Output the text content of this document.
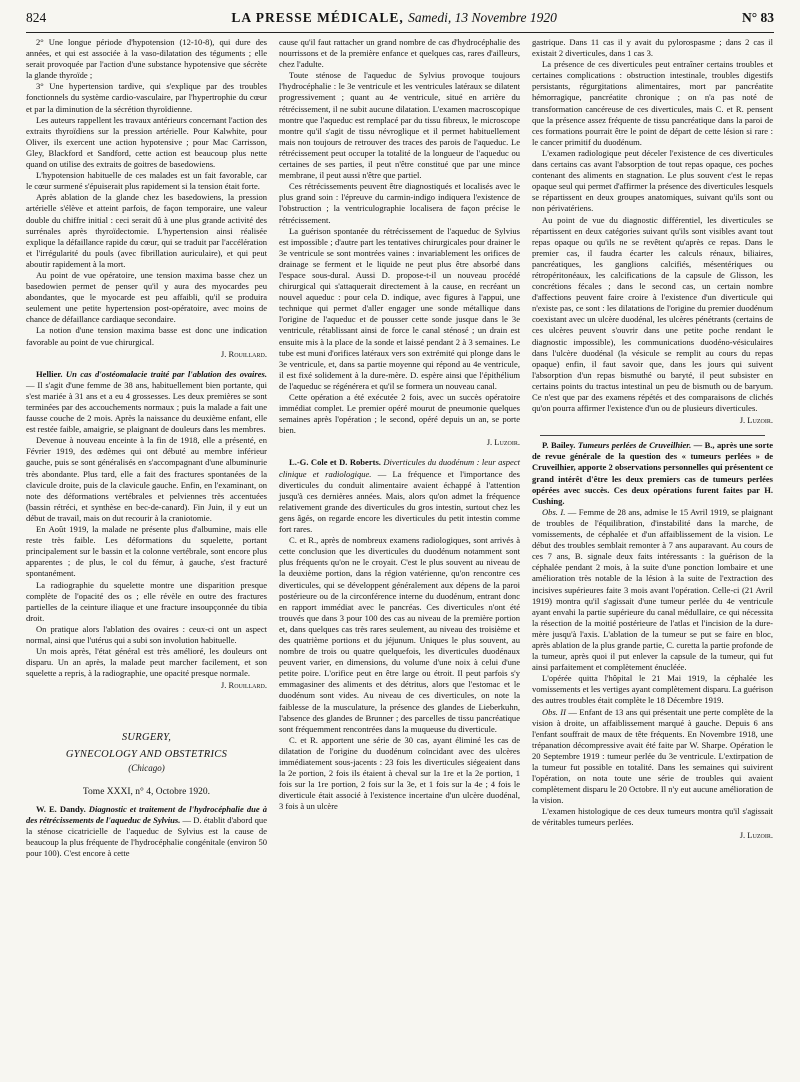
824	LA PRESSE MÉDICALE, Samedi, 13 Novembre 1920	N° 83

2° Une longue période d'hypotension (12-10-8), qui dure des années, et qui est associée à la vaso-dilatation des téguments ; elle serait provoquée par l'action d'une substance hypotensive que sécrète la glande thyroïde ;

3° Une hypertension tardive, qui s'explique par des troubles fonctionnels du système cardio-vasculaire, par l'hypertrophie du cœur et par la diminution de la sécrétion thyroïdienne.

Les auteurs rappellent les travaux antérieurs concernant l'action des extraits thyroïdiens sur la pression artérielle. Pour Kalwhite, pour Oliver, ils exercent une action hypotensive ; pour Mac Carrisson, Gley, Blackford et Sandford, cette action est beaucoup plus nette quand on utilise des extraits de goitres de basedowiens.

L'hypotension habituelle de ces malades est un fait favorable, car le cœur surmené s'épuiserait plus rapidement si la tension était forte.

Après ablation de la glande chez les basedowiens, la pression artérielle s'élève et atteint parfois, de façon temporaire, une valeur double du chiffre initial : ceci serait dû à une plus grande activité des surrénales après thyroïdectomie. L'hypertension ainsi réalisée explique la défaillance rapide du cœur, qui se traduit par l'accélération et l'irrégularité du pouls (avec fibrillation auriculaire), et qui peut aboutir rapidement à la mort.

Au point de vue opératoire, une tension maxima basse chez un basedowien permet de penser qu'il y aura des myocardes peu abondantes, que le myocarde est peu affaibli, qu'il se produira seulement une petite hypertension post-opératoire, avec moins de chance de défaillance cardiaque secondaire.

La notion d'une tension maxima basse est donc une indication favorable au point de vue chirurgical.

J. Rouillard.

Hellier. Un cas d'ostéomalacie traité par l'ablation des ovaires. — Il s'agit d'une femme de 38 ans, habituellement bien portante, qui s'est mariée à 31 ans et a eu 4 grossesses. Les deux premières se sont terminées par des accouchements normaux ; puis la malade a fait une fausse couche de 2 mois. Après la naissance du deuxième enfant, elle est restée faible, amaigrie, se plaignant de douleurs dans les membres.

Devenue à nouveau enceinte à la fin de 1918, elle a présenté, en Février 1919, des œdèmes qui ont débuté au membre inférieur gauche, puis se sont généralisés en s'accompagnant d'une albuminurie très abondante. Plus tard, elle a fait des fractures spontanées de la clavicule droite, puis de la clavicule gauche. Enfin, en l'examinant, on note des déformations vertébrales et pelviennes très accentuées (bassin rétréci, et synthèse en bec-de-canard). Fin Juin, il y eut un début de travail, mais on dut recourir à la craniotomie.

En Août 1919, la malade ne présente plus d'albumine, mais elle reste très faible. Les déformations du squelette, portant principalement sur le bassin et la colonne vertébrale, sont encore plus apparentes ; de plus, le col du fémur, à gauche, s'est fracturé spontanément.

La radiographie du squelette montre une disparition presque complète de l'opacité des os ; elle révèle en outre des fractures partielles de la ceinture iliaque et une fracture insoupçonnée du tibia droit.

On pratique alors l'ablation des ovaires : ceux-ci ont un aspect normal, ainsi que l'utérus qui a subi son involution habituelle.

Un mois après, l'état général est très amélioré, les douleurs ont disparu. Un an après, la malade peut marcher facilement, et son squelette a repris, à la radiographie, une opacité presque normale.

J. Rouillard.

SURGERY,
GYNECOLOGY AND OBSTETRICS
(Chicago)
Tome XXXI, n° 4, Octobre 1920.

W. E. Dandy. Diagnostic et traitement de l'hydrocéphalie due à des rétrécissements de l'aqueduc de Sylvius. — D. établit d'abord que la sténose cicatricielle de l'aqueduc de Sylvius est la cause de beaucoup la plus fréquente de l'hydrocéphalie congénitale (environ 50 pour 100). C'est encore à cette

cause qu'il faut rattacher un grand nombre de cas d'hydrocéphalie des nourrissons et de la première enfance et quelques cas, rares d'ailleurs, chez l'adulte.

Toute sténose de l'aqueduc de Sylvius provoque toujours l'hydrocéphalie : le 3e ventricule et les ventricules latéraux se dilatent progressivement ; quant au 4e ventricule, situé en arrière du rétrécissement, il ne subit aucune dilatation. L'examen macroscopique montre que l'aqueduc est remplacé par du tissu fibreux, le microscope montre qu'il s'agit de tissu névroglique et il permet habituellement mais non toujours de retrouver des traces des parois de l'aqueduc. Le rétrécissement peut occuper la totalité de la longueur de l'aqueduc ou certaines de ses parties, il peut n'être constitué que par une mince membrane, il peut aussi n'être que partiel.

Ces rétrécissements peuvent être diagnostiqués et localisés avec le plus grand soin : l'épreuve du carmin-indigo indiquera l'existence de l'obstruction ; la ventriculographie localisera de façon précise le rétrécissement.

La guérison spontanée du rétrécissement de l'aqueduc de Sylvius est impossible ; d'autre part les tentatives chirurgicales pour drainer le 3e ventricule se sont montrées vaines : invariablement les orifices de drainage se ferment et le liquide ne peut plus être absorbé dans l'espace sous-dural. Aussi D. propose-t-il un nouveau procédé chirurgical qui s'attaquerait directement à la cause, en recréant un nouvel aqueduc : pour cela D. indique, avec figures à l'appui, une technique qui permet d'aller engager une sonde métallique dans l'origine de l'aqueduc et de pousser cette sonde jusque dans le 3e ventricule, rétablissant ainsi de force le canal sténosé ; un drain est ensuite mis à la place de la sonde et laissé pendant 2 à 3 semaines. Le tube est muni d'orifices latéraux vers son extrémité qui plonge dans le 3e ventricule, et, dans sa partie moyenne qui répond au 4e ventricule, il est fixé solidement à la dure-mère. D. espère ainsi que l'épithélium de l'aqueduc se régénérera et qu'il se formera un nouveau canal.

Cette opération a été exécutée 2 fois, avec un succès opératoire immédiat complet. Le premier opéré mourut de pneumonie quelques semaines après l'opération ; le second, opéré depuis un an, se porte bien.

J. Luzoir.

L.-G. Cole et D. Roberts. Diverticules du duodénum : leur aspect clinique et radiologique. — La fréquence et l'importance des diverticules du conduit alimentaire avaient échappé à l'attention jusqu'à ces dernières années. Mais, alors qu'on admet la fréquence relativement grande des diverticules du gros intestin, surtout chez les gens âgés, on regarde encore les diverticules du petit intestin comme fort rares.

C. et R., après de nombreux examens radiologiques, sont arrivés à cette conclusion que les diverticules du duodénum notamment sont plus fréquents qu'on ne le croyait. C'est le plus souvent au niveau de la deuxième portion, dans la région vatérienne, qu'on rencontre ces diverticules, qui se développent généralement aux dépens de la paroi postérieure ou de la circonférence interne du duodénum, entrant donc en rapport immédiat avec le pancréas. Ces diverticules n'ont été trouvés que dans 3 pour 100 des cas au niveau de la première portion et, dans quelques cas très rares seulement, au niveau des troisième et des quatrième portions et du jéjunum. Uniques le plus souvent, au nombre de trois ou quatre quelquefois, les diverticules duodénaux peuvent varier, en dimensions, du volume d'une noix à celui d'une petite poire. L'orifice peut en être large ou étroit. Il peut parfois s'y emmagasiner des aliments et des détritus, alors que l'estomac et le duodénum sont vides. Au niveau de ces diverticules, on note la faiblesse de la musculature, la présence des glandes de Lieberkuhn, l'absence des glandes de Brunner ; des parcelles de tissu pancréatique sont fréquemment rencontrées dans la muqueuse du diverticule.

C. et R. apportent une série de 30 cas, ayant éliminé les cas de dilatation de l'origine du duodénum coïncidant avec des ulcères immédiatement sous-jacents : 23 fois les diverticules siégeaient dans la 2e portion, 2 fois ils étaient à cheval sur la 1re et la 2e portion, 1 fois sur la 1re portion, 2 fois sur la 3e, et 1 fois sur la 4e ; 4 fois le diverticule était associé à l'existence incertaine d'un ulcère duodénal, 3 fois à un ulcère

gastrique. Dans 11 cas il y avait du pylorospasme ; dans 2 cas il existait 2 diverticules, dans 1 cas 3.

La présence de ces diverticules peut entraîner certains troubles et certaines complications : obstruction intestinale, troubles digestifs persistants, régurgitations alimentaires, mort par pancréatite hémorragique, pancréatite chronique ; on n'a pas noté de transformation cancéreuse de ces diverticules, mais C. et R. pensent que la présence assez fréquente de tissu pancréatique dans la paroi de ces formations pourrait être le point de départ de cette lésion si rare : le cancer primitif du duodénum.

L'examen radiologique peut déceler l'existence de ces diverticules dans certains cas avant l'absorption de tout repas opaque, ces poches contenant des aliments en stagnation. Le plus souvent c'est le repas opaque seul qui permet d'affirmer la présence des diverticules lesquels se répartissent en deux groupes anatomiques, suivant qu'ils sont ou non périvatériens.

Au point de vue du diagnostic différentiel, les diverticules se répartissent en deux catégories suivant qu'ils sont visibles avant tout repas opaque ou qu'ils ne se revêtent qu'après ce repas. Dans le premier cas, il faudra écarter les calculs rénaux, biliaires, pancréatiques, les ganglions calcifiés, mésentériques ou rétropéritonéaux, les calcifications de la capsule de Glisson, les concrétions fécales ; dans le second cas, un certain nombre d'affections peuvent faire croire à l'existence d'un diverticule qui n'existe pas, ce sont : les dilatations de l'origine du premier duodénum coexistant avec un ulcère duodénal, les ulcères pénétrants (certains de ces ulcères peuvent s'ouvrir dans une petite poche rendant le diagnostic impossible), les communications duodéno-vésiculaires dans l'ulcère duodénal (la vésicule se remplit au cours du repas opaque) enfin, il faut savoir que, dans les jours qui suivent l'absorption d'un repas bismuthé ou baryté, il peut subsister en certains points du tractus intestinal un peu de bismuth ou de baryum. Ce n'est que par des examens répétés et des comparaisons de clichés qu'on pourra affirmer l'existence d'un ou de plusieurs diverticules.

J. Luzoir.

P. Bailey. Tumeurs perlées de Cruveilhier. — B., après une sorte de revue générale de la question des « tumeurs perlées » de Cruveilhier, apporte 2 observations personnelles qui présentent ce grand intérêt d'être les deux premiers cas de tumeurs perlées opérées avec succès. Ces deux opérations furent faites par H. Cushing.

Obs. I. — Femme de 28 ans, admise le 15 Avril 1919, se plaignant de troubles de l'équilibration, d'instabilité dans la marche, de vomissements, de céphalée et d'un affaiblissement de la vision. Le début des troubles semblait remonter à 7 ans auparavant. Au cours de ces 7 ans, B. signale deux faits intéressants : la guérison de la céphalée pendant 2 mois, à la suite d'une ponction lombaire et une amélioration très notable de la lésion à la suite de l'extraction des incisives supérieures faite 3 mois avant l'opération. Celle-ci (21 Avril 1919) montra qu'il s'agissait d'une tumeur perlée du 4e ventricule ayant envahi la partie supérieure du canal médullaire, ce qui nécessita la résection de la moitié postérieure de l'atlas et l'incision de la dure-mère jusqu'à l'axis. L'ablation de la tumeur se put se faire en bloc, après ablation de la plus grande partie, C. curetta la partie profonde de la tumeur, après quoi il put enlever la capsule de la tumeur, qui fut ainsi parfaitement et complètement énucléée.

L'opérée quitta l'hôpital le 21 Mai 1919, la céphalée les vomissements et les vertiges ayant complètement disparu. La guérison des autres troubles était complète le 18 Décembre 1919.

Obs. II — Enfant de 13 ans qui présentait une perte complète de la vision à droite, un affaiblissement marqué à gauche. Depuis 6 ans l'enfant souffrait de maux de tête fréquents. En Novembre 1918, une trépanation décompressive avait été faite par W. Sharpe. Opération le 20 Septembre 1919 : tumeur perlée du 3e ventricule. L'extirpation de la tumeur fut possible en totalité. Dans les semaines qui suivirent l'opération, on nota toute une série de troubles qui avaient complètement disparu le 20 Octobre. Il n'y eut aucune amélioration de la vision.

L'examen histologique de ces deux tumeurs montra qu'il s'agissait de véritables tumeurs perlées.

J. Luzoir.
